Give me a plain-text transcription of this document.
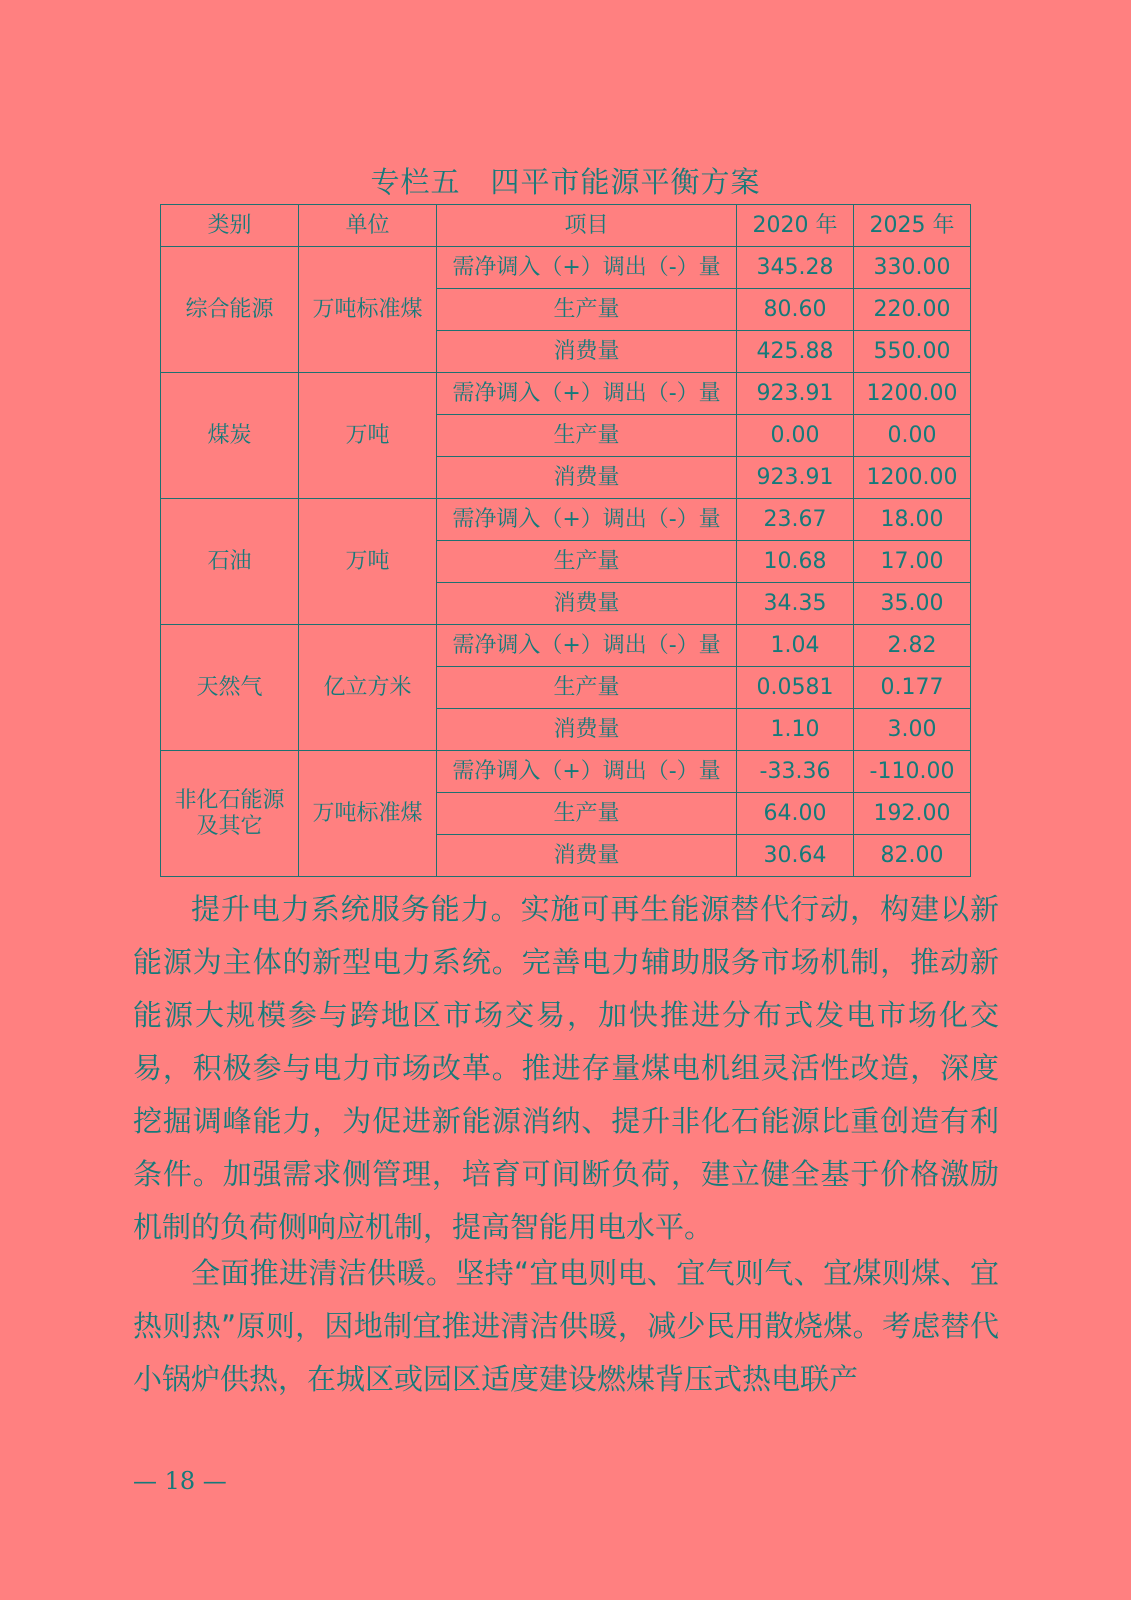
专栏五　四平市能源平衡方案
类别	单位	项目	2020 年	2025 年
综合能源	万吨标准煤	需净调入（+）调出（-）量	345.28	330.00
		生产量	80.60	220.00
		消费量	425.88	550.00
煤炭	万吨	需净调入（+）调出（-）量	923.91	1200.00
		生产量	0.00	0.00
		消费量	923.91	1200.00
石油	万吨	需净调入（+）调出（-）量	23.67	18.00
		生产量	10.68	17.00
		消费量	34.35	35.00
天然气	亿立方米	需净调入（+）调出（-）量	1.04	2.82
		生产量	0.0581	0.177
		消费量	1.10	3.00
非化石能源及其它	万吨标准煤	需净调入（+）调出（-）量	-33.36	-110.00
		生产量	64.00	192.00
		消费量	30.64	82.00

提升电力系统服务能力。实施可再生能源替代行动，构建以新能源为主体的新型电力系统。完善电力辅助服务市场机制，推动新能源大规模参与跨地区市场交易，加快推进分布式发电市场化交易，积极参与电力市场改革。推进存量煤电机组灵活性改造，深度挖掘调峰能力，为促进新能源消纳、提升非化石能源比重创造有利条件。加强需求侧管理，培育可间断负荷，建立健全基于价格激励机制的负荷侧响应机制，提高智能用电水平。

全面推进清洁供暖。坚持“宜电则电、宜气则气、宜煤则煤、宜热则热”原则，因地制宜推进清洁供暖，减少民用散烧煤。考虑替代小锅炉供热，在城区或园区适度建设燃煤背压式热电联产

— 18 —
